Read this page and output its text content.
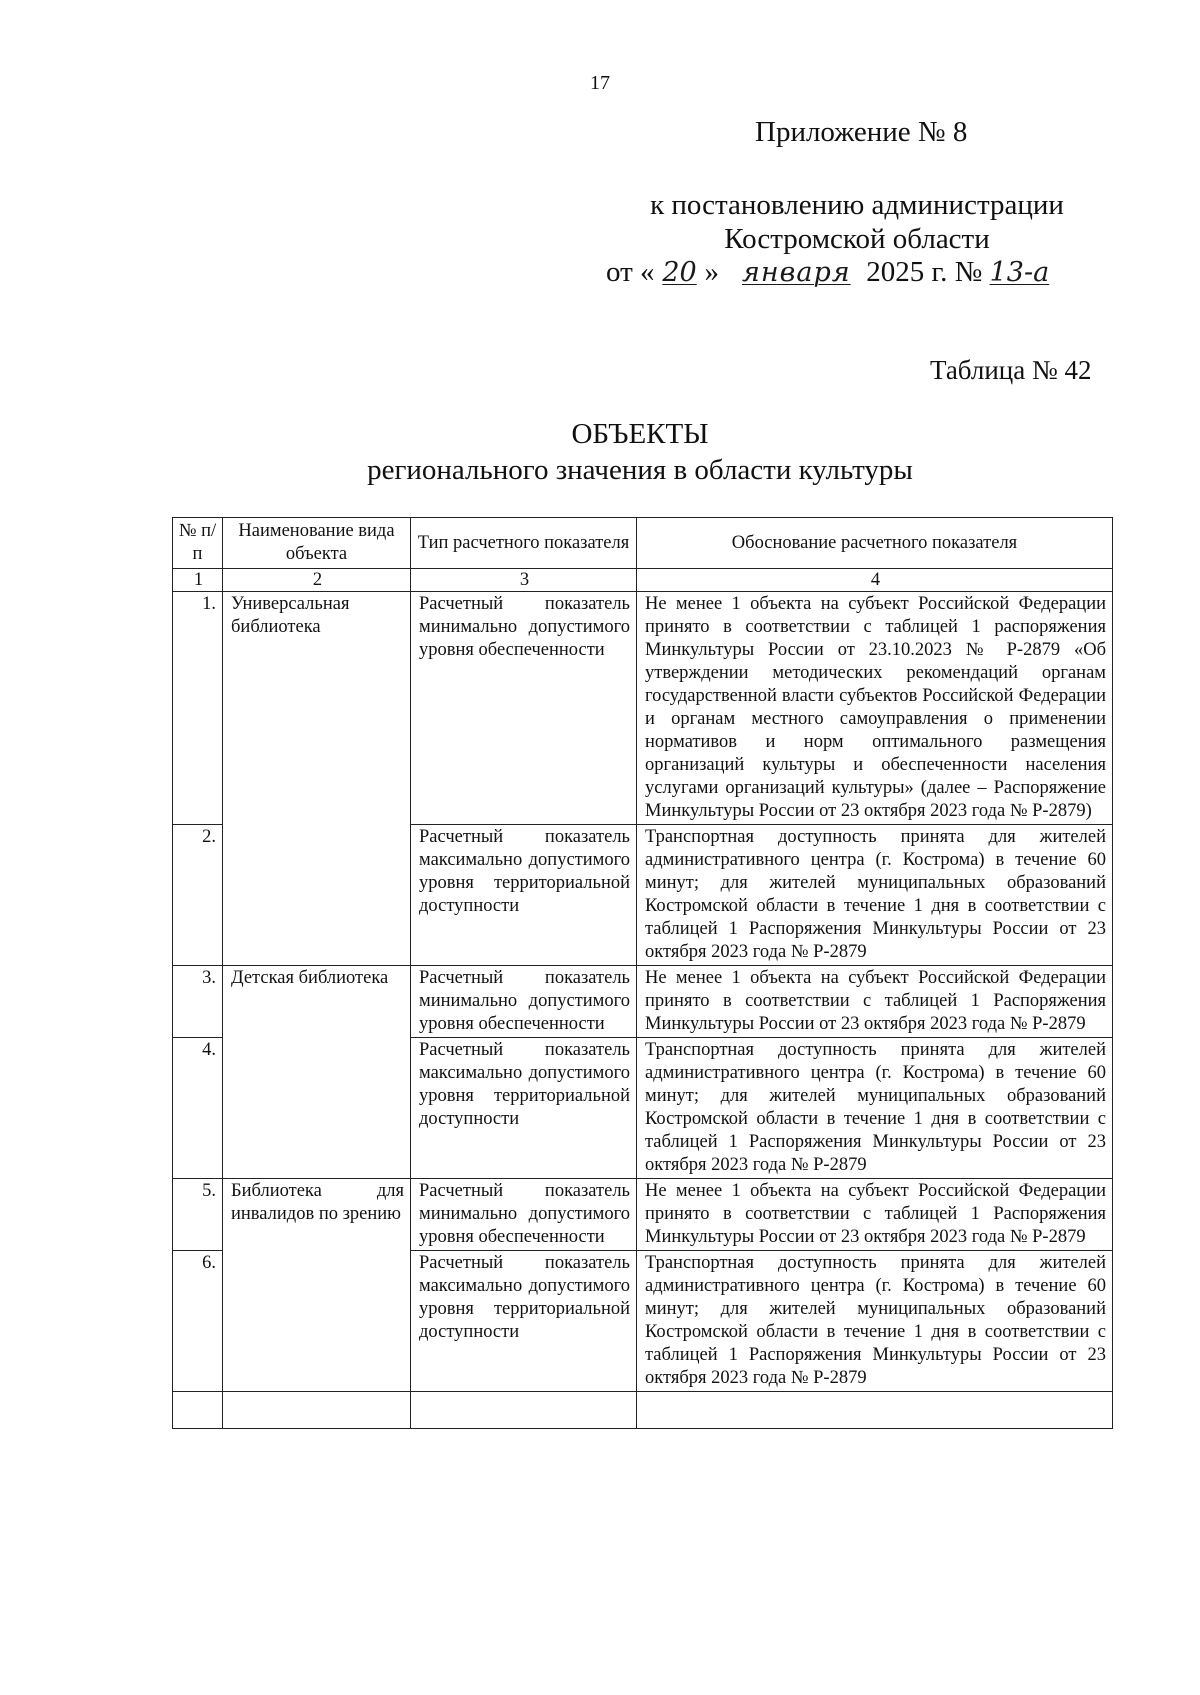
17
Приложение № 8
к постановлению администрации
Костромской области
от « 20 » января 2025 г. № 13-а
Таблица № 42
ОБЪЕКТЫ
регионального значения в области культуры
№ п/п	Наименование вида объекта	Тип расчетного показателя	Обоснование расчетного показателя
1	2	3	4
1.	Универсальная библиотека	Расчетный показатель минимально допустимого уровня обеспеченности	Не менее 1 объекта на субъект Российской Федерации принято в соответствии с таблицей 1 распоряжения Минкультуры России от 23.10.2023 № Р-2879 «Об утверждении методических рекомендаций органам государственной власти субъектов Российской Федерации и органам местного самоуправления о применении нормативов и норм оптимального размещения организаций культуры и обеспеченности населения услугами организаций культуры» (далее – Распоряжение Минкультуры России от 23 октября 2023 года № Р-2879)
2.		Расчетный показатель максимально допустимого уровня территориальной доступности	Транспортная доступность принята для жителей административного центра (г. Кострома) в течение 60 минут; для жителей муниципальных образований Костромской области в течение 1 дня в соответствии с таблицей 1 Распоряжения Минкультуры России от 23 октября 2023 года № Р-2879
3.	Детская библиотека	Расчетный показатель минимально допустимого уровня обеспеченности	Не менее 1 объекта на субъект Российской Федерации принято в соответствии с таблицей 1 Распоряжения Минкультуры России от 23 октября 2023 года № Р-2879
4.		Расчетный показатель максимально допустимого уровня территориальной доступности	Транспортная доступность принята для жителей административного центра (г. Кострома) в течение 60 минут; для жителей муниципальных образований Костромской области в течение 1 дня в соответствии с таблицей 1 Распоряжения Минкультуры России от 23 октября 2023 года № Р-2879
5.	Библиотека для инвалидов по зрению	Расчетный показатель минимально допустимого уровня обеспеченности	Не менее 1 объекта на субъект Российской Федерации принято в соответствии с таблицей 1 Распоряжения Минкультуры России от 23 октября 2023 года № Р-2879
6.		Расчетный показатель максимально допустимого уровня территориальной доступности	Транспортная доступность принята для жителей административного центра (г. Кострома) в течение 60 минут; для жителей муниципальных образований Костромской области в течение 1 дня в соответствии с таблицей 1 Распоряжения Минкультуры России от 23 октября 2023 года № Р-2879
